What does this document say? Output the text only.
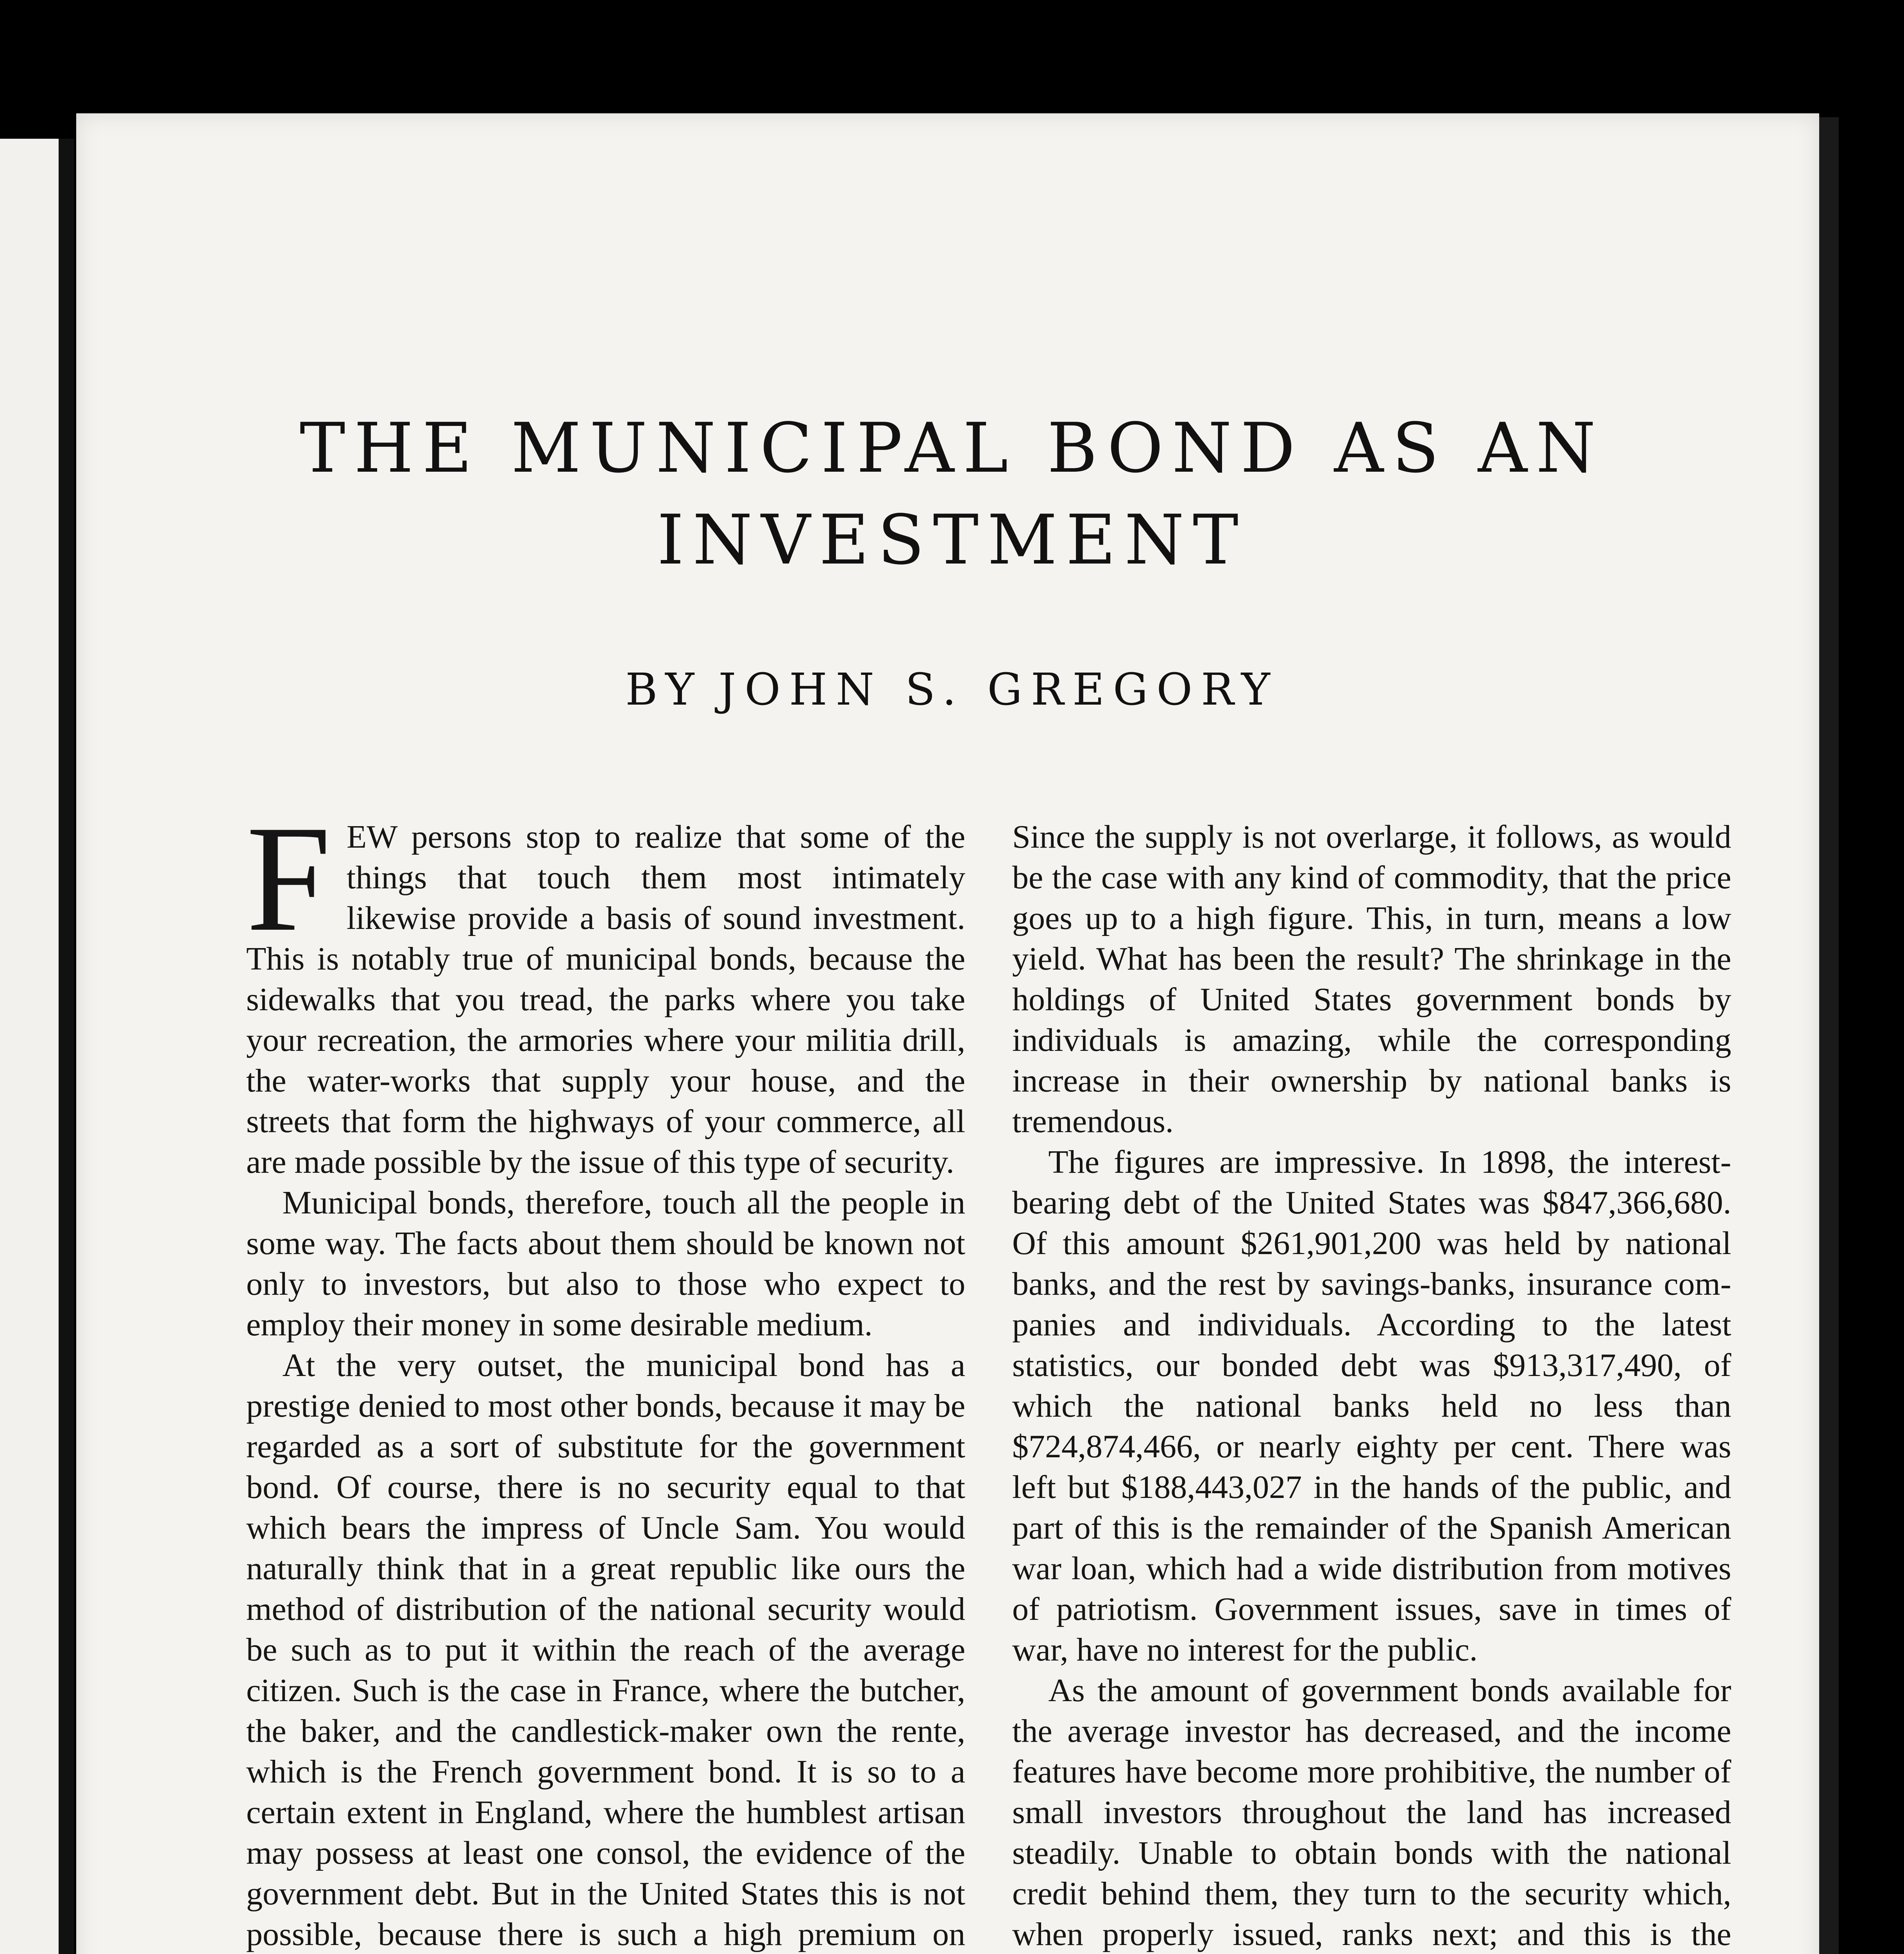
THE MUNICIPAL BOND AS AN
INVESTMENT
BY JOHN S. GREGORY

FEW persons stop to realize that some of the things that touch them most intimately likewise provide a basis of sound investment. This is notably true of municipal bonds, because the sidewalks that you tread, the parks where you take your recreation, the armories where your militia drill, the water-works that supply your house, and the streets that form the highways of your commerce, all are made possible by the issue of this type of security.

Municipal bonds, therefore, touch all the people in some way. The facts about them should be known not only to investors, but also to those who expect to employ their money in some desirable medium.

At the very outset, the municipal bond has a prestige denied to most other bonds, because it may be regarded as a sort of substitute for the government bond. Of course, there is no security equal to that which bears the impress of Uncle Sam. You would naturally think that in a great republic like ours the method of distribution of the national security would be such as to put it within the reach of the average citizen. Such is the case in France, where the butcher, the baker, and the candlestick-maker own the rente, which is the French government bond. It is so to a certain extent in England, where the humblest artisan may possess at least one consol, the evidence of the government debt. But in the United States this is not possible, because there is such a high premium on

Since the supply is not overlarge, it follows, as would be the case with any kind of commodity, that the price goes up to a high figure. This, in turn, means a low yield. What has been the result? The shrinkage in the holdings of United States government bonds by individuals is amazing, while the corresponding increase in their ownership by national banks is tremendous.

The figures are impressive. In 1898, the interest-bearing debt of the United States was $847,366,680. Of this amount $261,901,200 was held by national banks, and the rest by savings-banks, insurance companies and individuals. According to the latest statistics, our bonded debt was $913,317,490, of which the national banks held no less than $724,874,466, or nearly eighty per cent. There was left but $188,443,027 in the hands of the public, and part of this is the remainder of the Spanish American war loan, which had a wide distribution from motives of patriotism. Government issues, save in times of war, have no interest for the public.

As the amount of government bonds available for the average investor has decreased, and the income features have become more prohibitive, the number of small investors throughout the land has increased steadily. Unable to obtain bonds with the national credit behind them, they turn to the security which, when properly issued, ranks next; and this is the
